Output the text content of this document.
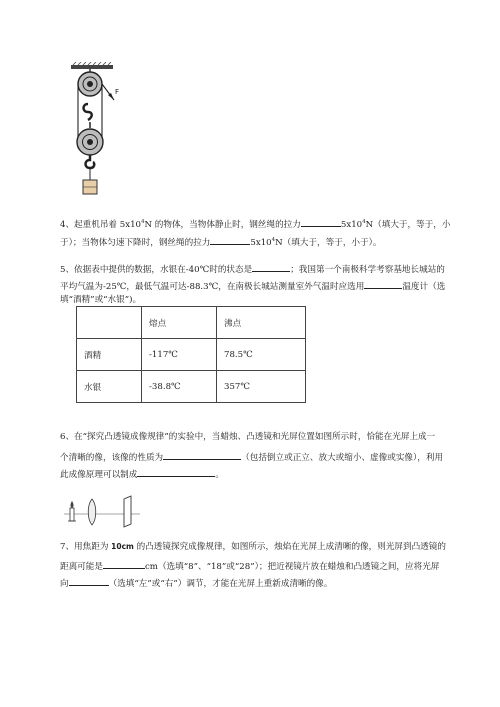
F
4、起重机吊着 $5x10^4N$ 的物体，当物体静止时，钢丝绳的拉力	$5x10^4N$（填大于，等于，小
于）；当物体匀速下降时，钢丝绳的拉力	$5x10^4N$（填大于，等于，小于）。
5、依据表中提供的数据，水银在-40℃时的状态是	；我国第一个南极科学考察基地长城站的
平均气温为-25℃，最低气温可达-88.3℃，在南极长城站测量室外气温时应选用	温度计（选
填“酒精”或“水银”)。
	熔点	沸点
酒精	-117℃	78.5℃
水银	-38.8℃	357℃
6、在“探究凸透镜成像规律”的实验中，当蜡烛、凸透镜和光屏位置如图所示时，恰能在光屏上成一
个清晰的像，该像的性质为	（包括倒立或正立、放大或缩小、虚像或实像），利用
此成像原理可以制成	。
7、用焦距为 10cm 的凸透镜探究成像规律，如图所示，烛焰在光屏上成清晰的像，则光屏到凸透镜的
距离可能是	cm（选填“8”、“18”或“28”）；把近视镜片放在蜡烛和凸透镜之间，应将光屏
向	（选填“左”或“右”）调节，才能在光屏上重新成清晰的像。
